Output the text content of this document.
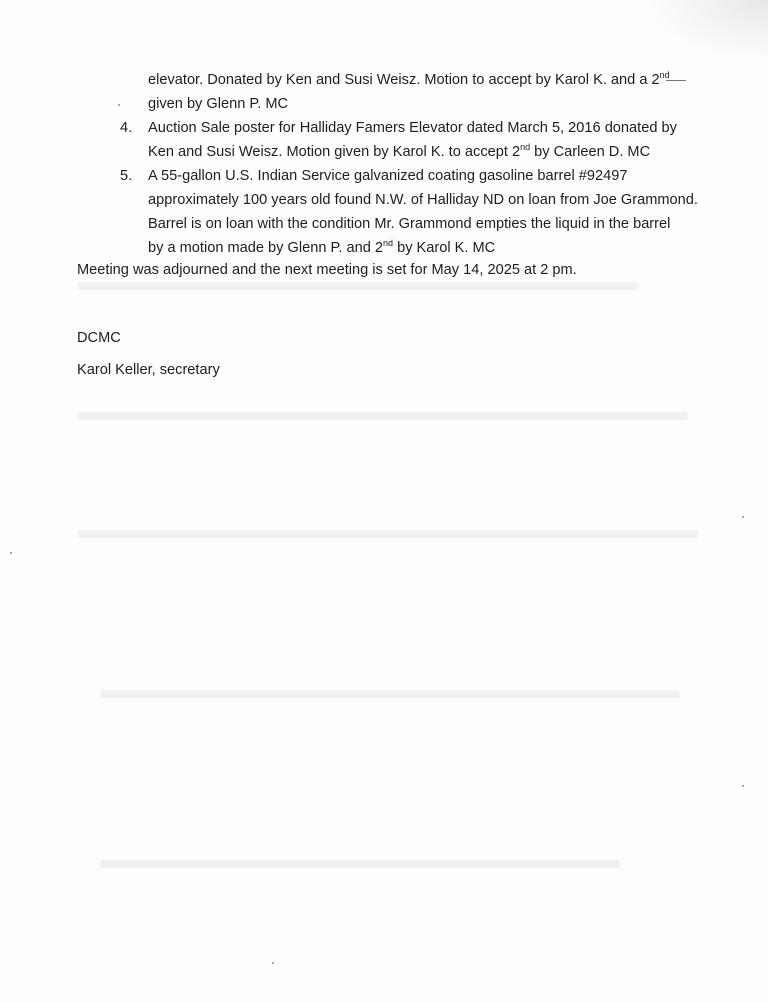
elevator. Donated by Ken and Susi Weisz. Motion to accept by Karol K. and a 2nd
given by Glenn P. MC
4. Auction Sale poster for Halliday Famers Elevator dated March 5, 2016 donated by
Ken and Susi Weisz. Motion given by Karol K. to accept 2nd by Carleen D. MC
5. A 55-gallon U.S. Indian Service galvanized coating gasoline barrel #92497
approximately 100 years old found N.W. of Halliday ND on loan from Joe Grammond.
Barrel is on loan with the condition Mr. Grammond empties the liquid in the barrel
by a motion made by Glenn P. and 2nd by Karol K. MC
Meeting was adjourned and the next meeting is set for May 14, 2025 at 2 pm.
DCMC
Karol Keller, secretary
